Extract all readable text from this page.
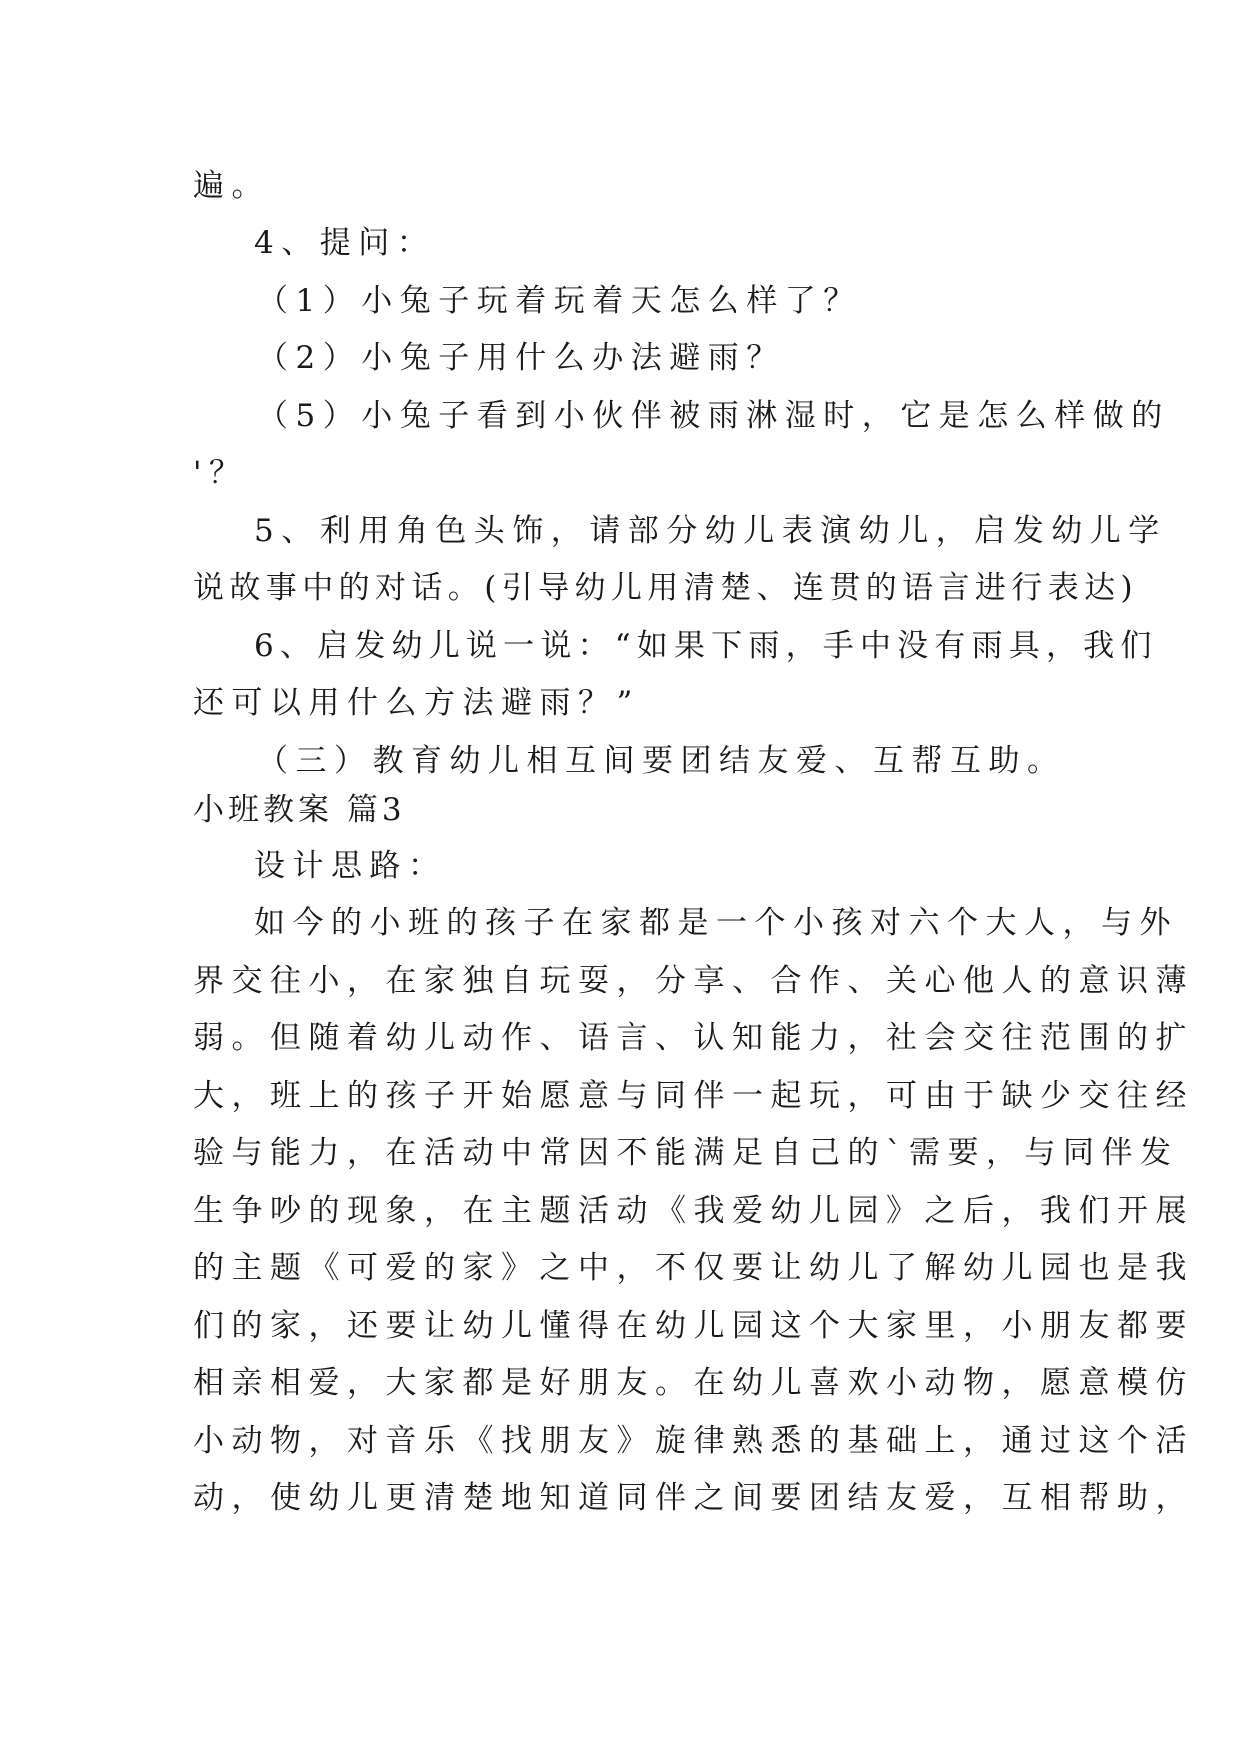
遍。
4、提问：
（1）小兔子玩着玩着天怎么样了？
（2）小兔子用什么办法避雨？
（5）小兔子看到小伙伴被雨淋湿时，它是怎么样做的
'？
5、利用角色头饰，请部分幼儿表演幼儿，启发幼儿学
说故事中的对话。(引导幼儿用清楚、连贯的语言进行表达)
6、启发幼儿说一说：“如果下雨，手中没有雨具，我们
还可以用什么方法避雨？”
（三）教育幼儿相互间要团结友爱、互帮互助。
小班教案 篇3
设计思路：
如今的小班的孩子在家都是一个小孩对六个大人，与外
界交往小，在家独自玩耍，分享、合作、关心他人的意识薄
弱。但随着幼儿动作、语言、认知能力，社会交往范围的扩
大，班上的孩子开始愿意与同伴一起玩，可由于缺少交往经
验与能力，在活动中常因不能满足自己的`需要，与同伴发
生争吵的现象，在主题活动《我爱幼儿园》之后，我们开展
的主题《可爱的家》之中，不仅要让幼儿了解幼儿园也是我
们的家，还要让幼儿懂得在幼儿园这个大家里，小朋友都要
相亲相爱，大家都是好朋友。在幼儿喜欢小动物，愿意模仿
小动物，对音乐《找朋友》旋律熟悉的基础上，通过这个活
动，使幼儿更清楚地知道同伴之间要团结友爱，互相帮助，
